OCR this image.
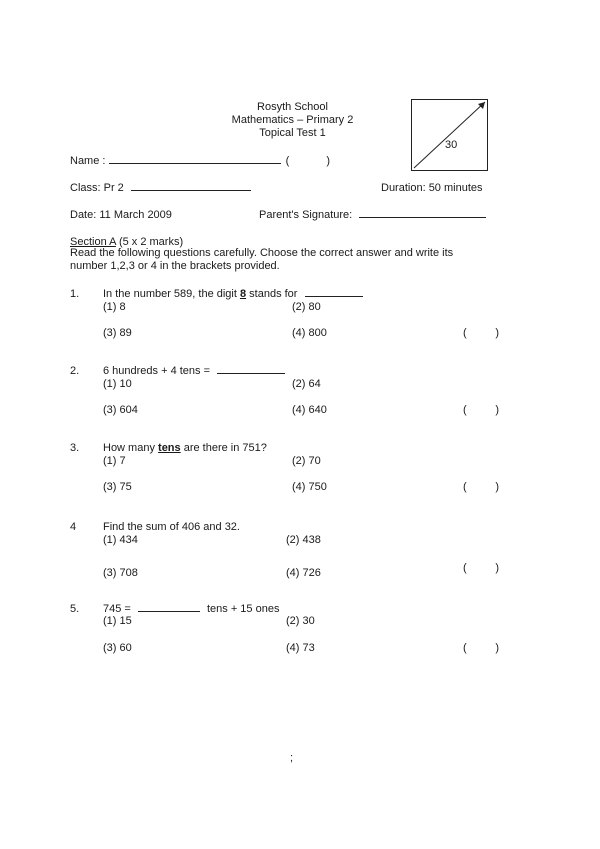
Rosyth School
Mathematics – Primary 2
Topical Test 1
30
Name :	(	)
Class: Pr 2	Duration: 50 minutes
Date: 11 March 2009	Parent's Signature:
Section A (5 x 2 marks)
Read the following questions carefully. Choose the correct answer and write its
number 1,2,3 or 4 in the brackets provided.
1. In the number 589, the digit 8 stands for
(1) 8	(2) 80
(3) 89	(4) 800	(	)
2. 6 hundreds + 4 tens =
(1) 10	(2) 64
(3) 604	(4) 640	(	)
3. How many tens are there in 751?
(1) 7	(2) 70
(3) 75	(4) 750	(	)
4 Find the sum of 406 and 32.
(1) 434	(2) 438
(3) 708	(4) 726	(	)
5. 745 =	tens + 15 ones
(1) 15	(2) 30
(3) 60	(4) 73	(	)
;
